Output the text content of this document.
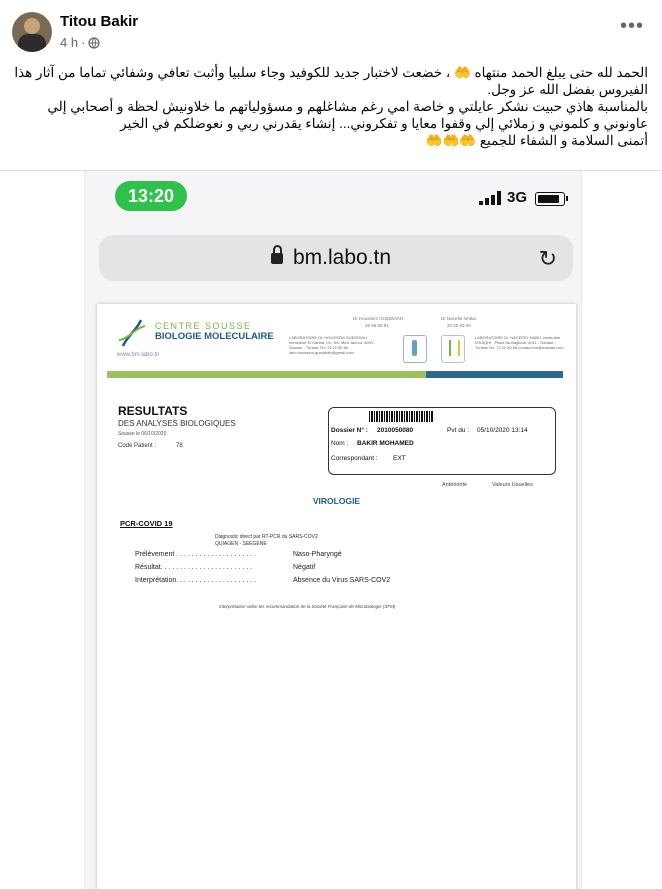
Titou Bakir
4 h ·
•••

الحمد لله حتى يبلغ الحمد منتهاه 🤲 ، خضعت لاختبار جديد للكوفيد وجاء سلبيا وأثبت تعافي وشفائي تماما من آثار هذا الفيروس بفضل الله عز وجل.

بالمناسبة هاذي حبيت نشكر عايلتي و خاصة امي رغم مشاغلهم و مسؤولياتهم ما خلاونيش لحظة و أصحابي إلي عاونوني و كلموني و زملائي إلي وقفوا معايا و تفكروني... إنشاء يقدرني ربي و نعوضلكم في الخير

أتمنى السلامة و الشفاء للجميع 🤲🤲🤲

13:20	3G
bm.labo.tn	↻
CENTRE SOUSSE
BIOLOGIE MOLECULAIRE
www.bm.labo.tn
Dr Houssem GUEDDIAH
26 66 65 91
Dr Nacefel NABLI
20 20 83 40
LABORATOIRE Dr. HOUSSEM GUEDDIAH Immeuble El Kantra, Ch. Nn. Med Janoui, 4000 - Sousse - Tunisie Tel: 73 22 80 66 labo.houssem.gueddiah@gmail.com
LABORATOIRE Dr. NACEFEL NABLI Immeuble ISSAQHI , Place du Bagloub, 4011 - Sousse - Tunisie Tel: 73 22 80 66 contact.bm@hotmail.com
RESULTATS
DES ANALYSES BIOLOGIQUES
Sousse le 06/10/2020
Code Patient :	78
Dossier N° : 2010050080	Pvt du : 05/10/2020 13:14
Nom : BAKIR MOHAMED
Correspondant : EXT
Antériorité	Valeurs Usuelles
VIROLOGIE
PCR-COVID 19
Diagnostic direct par RT-PCR du SARS-COV2
QUIAGEN - SEEGENE
Prélèvement . . . . . . . . . . . . . . . . . . . . .	Naso-Pharyngé
Résultat. . . . . . . . . . . . . . . . . . . . . . . .	Négatif
Interprétation. . . . . . . . . . . . . . . . . . . . .	Absence du Virus SARS-COV2
Interprétation selon les recommandation de la Société Française de Microbiologie (SFM)
